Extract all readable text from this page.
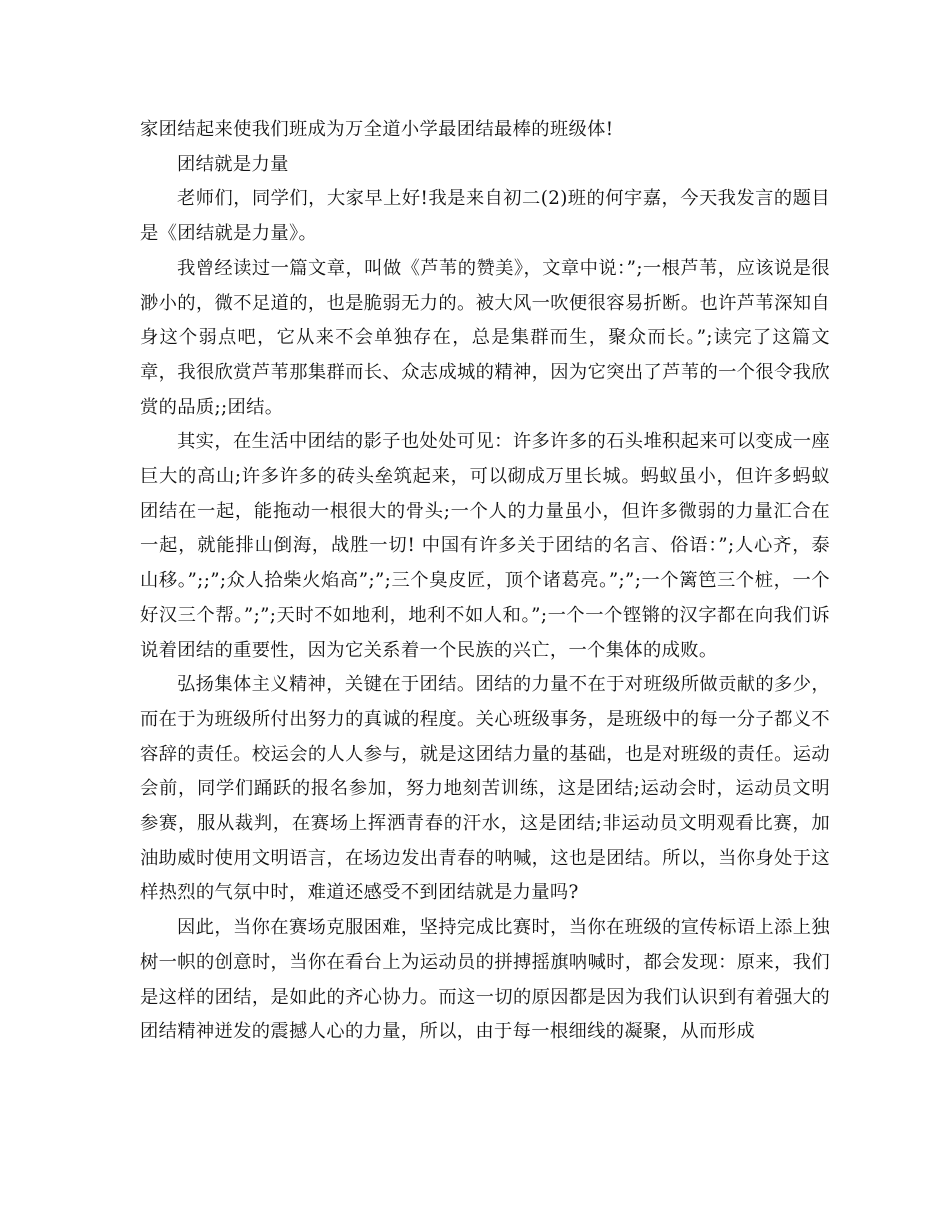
家团结起来使我们班成为万全道小学最团结最棒的班级体!

团结就是力量

老师们，同学们，大家早上好!我是来自初二(2)班的何宇嘉，今天我发言的题目是《团结就是力量》。

我曾经读过一篇文章，叫做《芦苇的赞美》，文章中说：”;一根芦苇，应该说是很渺小的，微不足道的，也是脆弱无力的。被大风一吹便很容易折断。也许芦苇深知自身这个弱点吧，它从来不会单独存在，总是集群而生，聚众而长。”;读完了这篇文章，我很欣赏芦苇那集群而长、众志成城的精神，因为它突出了芦苇的一个很令我欣赏的品质;;团结。

其实，在生活中团结的影子也处处可见：许多许多的石头堆积起来可以变成一座巨大的高山;许多许多的砖头垒筑起来，可以砌成万里长城。蚂蚁虽小，但许多蚂蚁团结在一起，能拖动一根很大的骨头;一个人的力量虽小，但许多微弱的力量汇合在一起，就能排山倒海，战胜一切! 中国有许多关于团结的名言、俗语：”;人心齐，泰山移。”;;”;众人拾柴火焰高”;”;三个臭皮匠，顶个诸葛亮。”;”;一个篱笆三个桩，一个好汉三个帮。”;”;天时不如地利，地利不如人和。”;一个一个铿锵的汉字都在向我们诉说着团结的重要性，因为它关系着一个民族的兴亡，一个集体的成败。

弘扬集体主义精神，关键在于团结。团结的力量不在于对班级所做贡献的多少，而在于为班级所付出努力的真诚的程度。关心班级事务，是班级中的每一分子都义不容辞的责任。校运会的人人参与，就是这团结力量的基础，也是对班级的责任。运动会前，同学们踊跃的报名参加，努力地刻苦训练，这是团结;运动会时，运动员文明参赛，服从裁判，在赛场上挥洒青春的汗水，这是团结;非运动员文明观看比赛，加油助威时使用文明语言，在场边发出青春的呐喊，这也是团结。所以，当你身处于这样热烈的气氛中时，难道还感受不到团结就是力量吗?

因此，当你在赛场克服困难，坚持完成比赛时，当你在班级的宣传标语上添上独树一帜的创意时，当你在看台上为运动员的拼搏摇旗呐喊时，都会发现：原来，我们是这样的团结，是如此的齐心协力。而这一切的原因都是因为我们认识到有着强大的团结精神迸发的震撼人心的力量，所以，由于每一根细线的凝聚，从而形成
